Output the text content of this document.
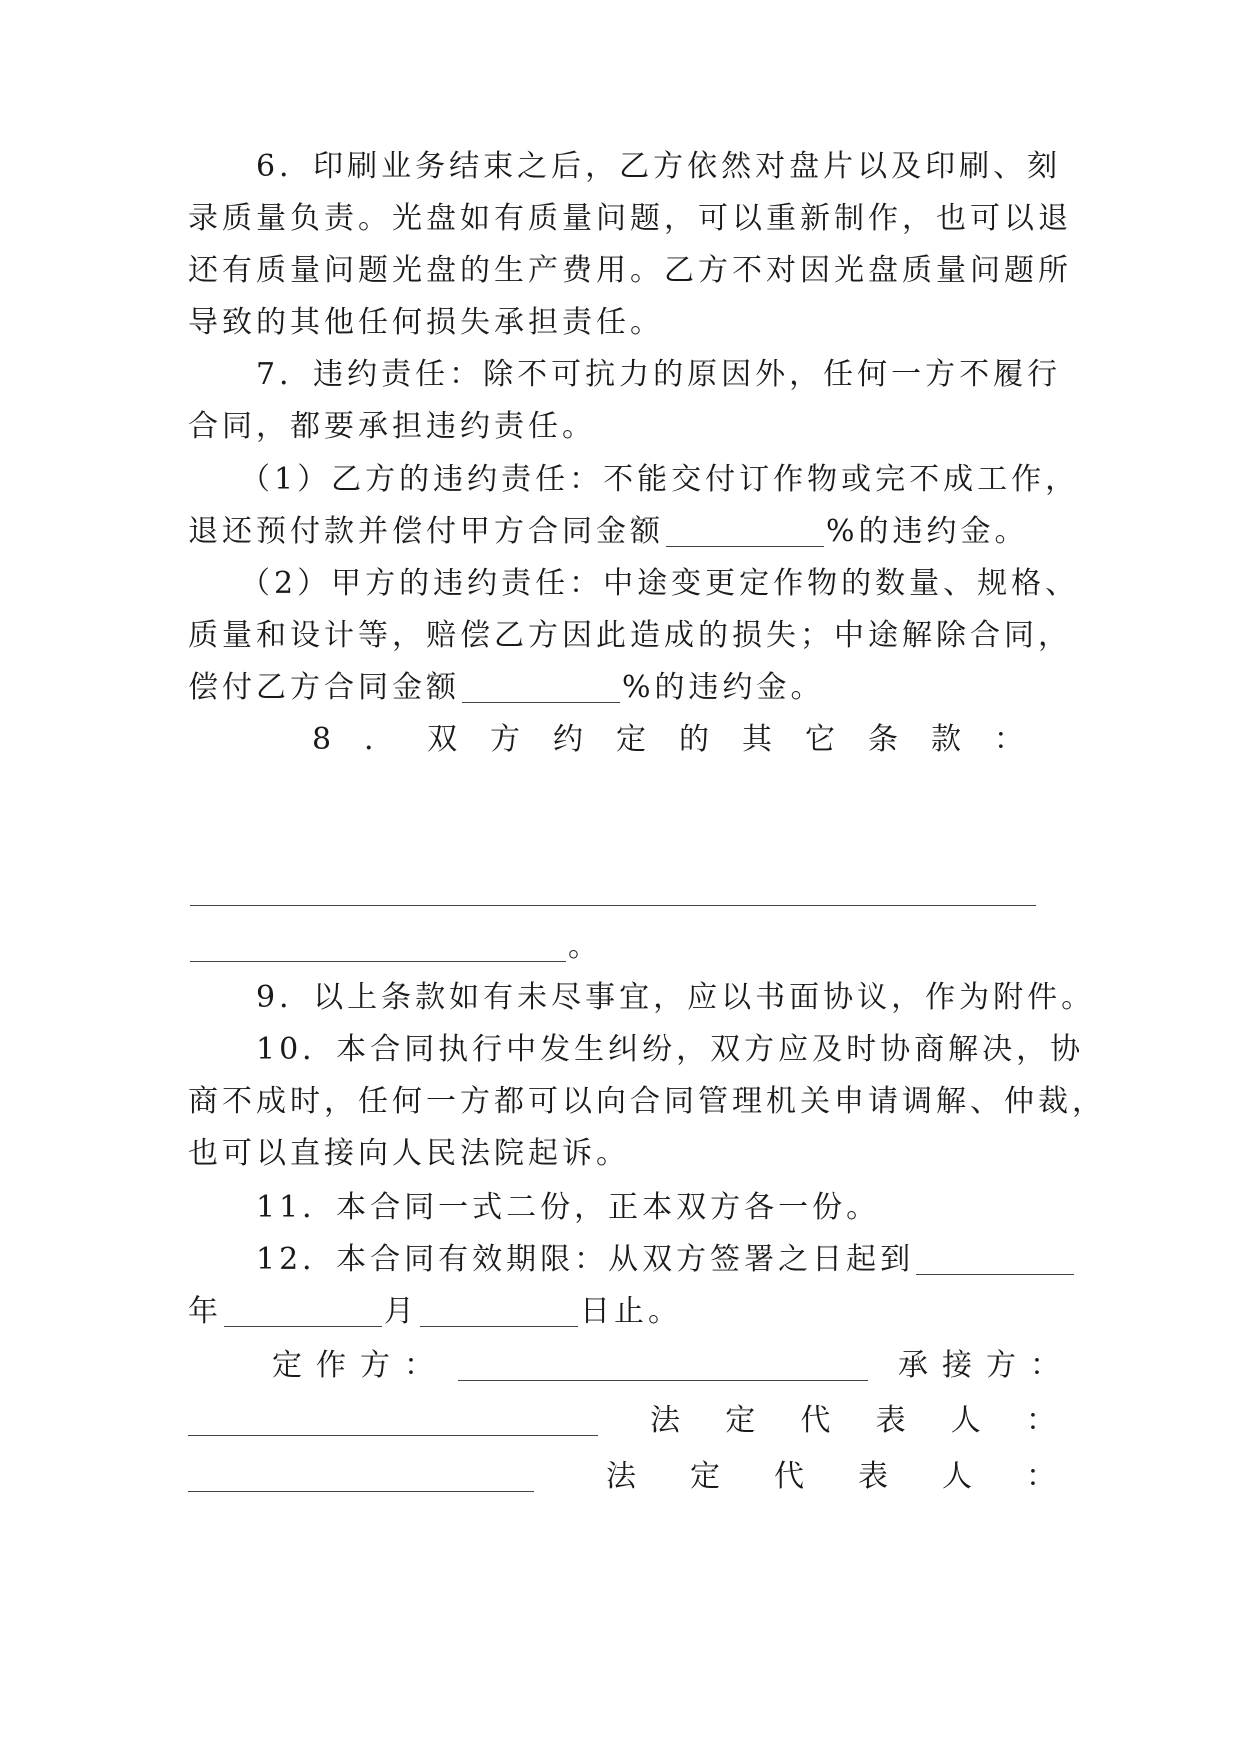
6．印刷业务结束之后，乙方依然对盘片以及印刷、刻
录质量负责。光盘如有质量问题，可以重新制作，也可以退
还有质量问题光盘的生产费用。乙方不对因光盘质量问题所
导致的其他任何损失承担责任。
7．违约责任：除不可抗力的原因外，任何一方不履行
合同，都要承担违约责任。
（1）乙方的违约责任：不能交付订作物或完不成工作，
退还预付款并偿付甲方合同金额	%的违约金。
（2）甲方的违约责任：中途变更定作物的数量、规格、
质量和设计等，赔偿乙方因此造成的损失；中途解除合同，
偿付乙方合同金额	%的违约金。
8 ． 双 方 约 定 的 其 它 条 款 ：
。
9．以上条款如有未尽事宜，应以书面协议，作为附件。
10．本合同执行中发生纠纷，双方应及时协商解决，协
商不成时，任何一方都可以向合同管理机关申请调解、仲裁，
也可以直接向人民法院起诉。
11．本合同一式二份，正本双方各一份。
12．本合同有效期限：从双方签署之日起到
年	月	日止。
定作方：	承接方：
法 定 代 表 人 ：
法 定 代 表 人 ：
